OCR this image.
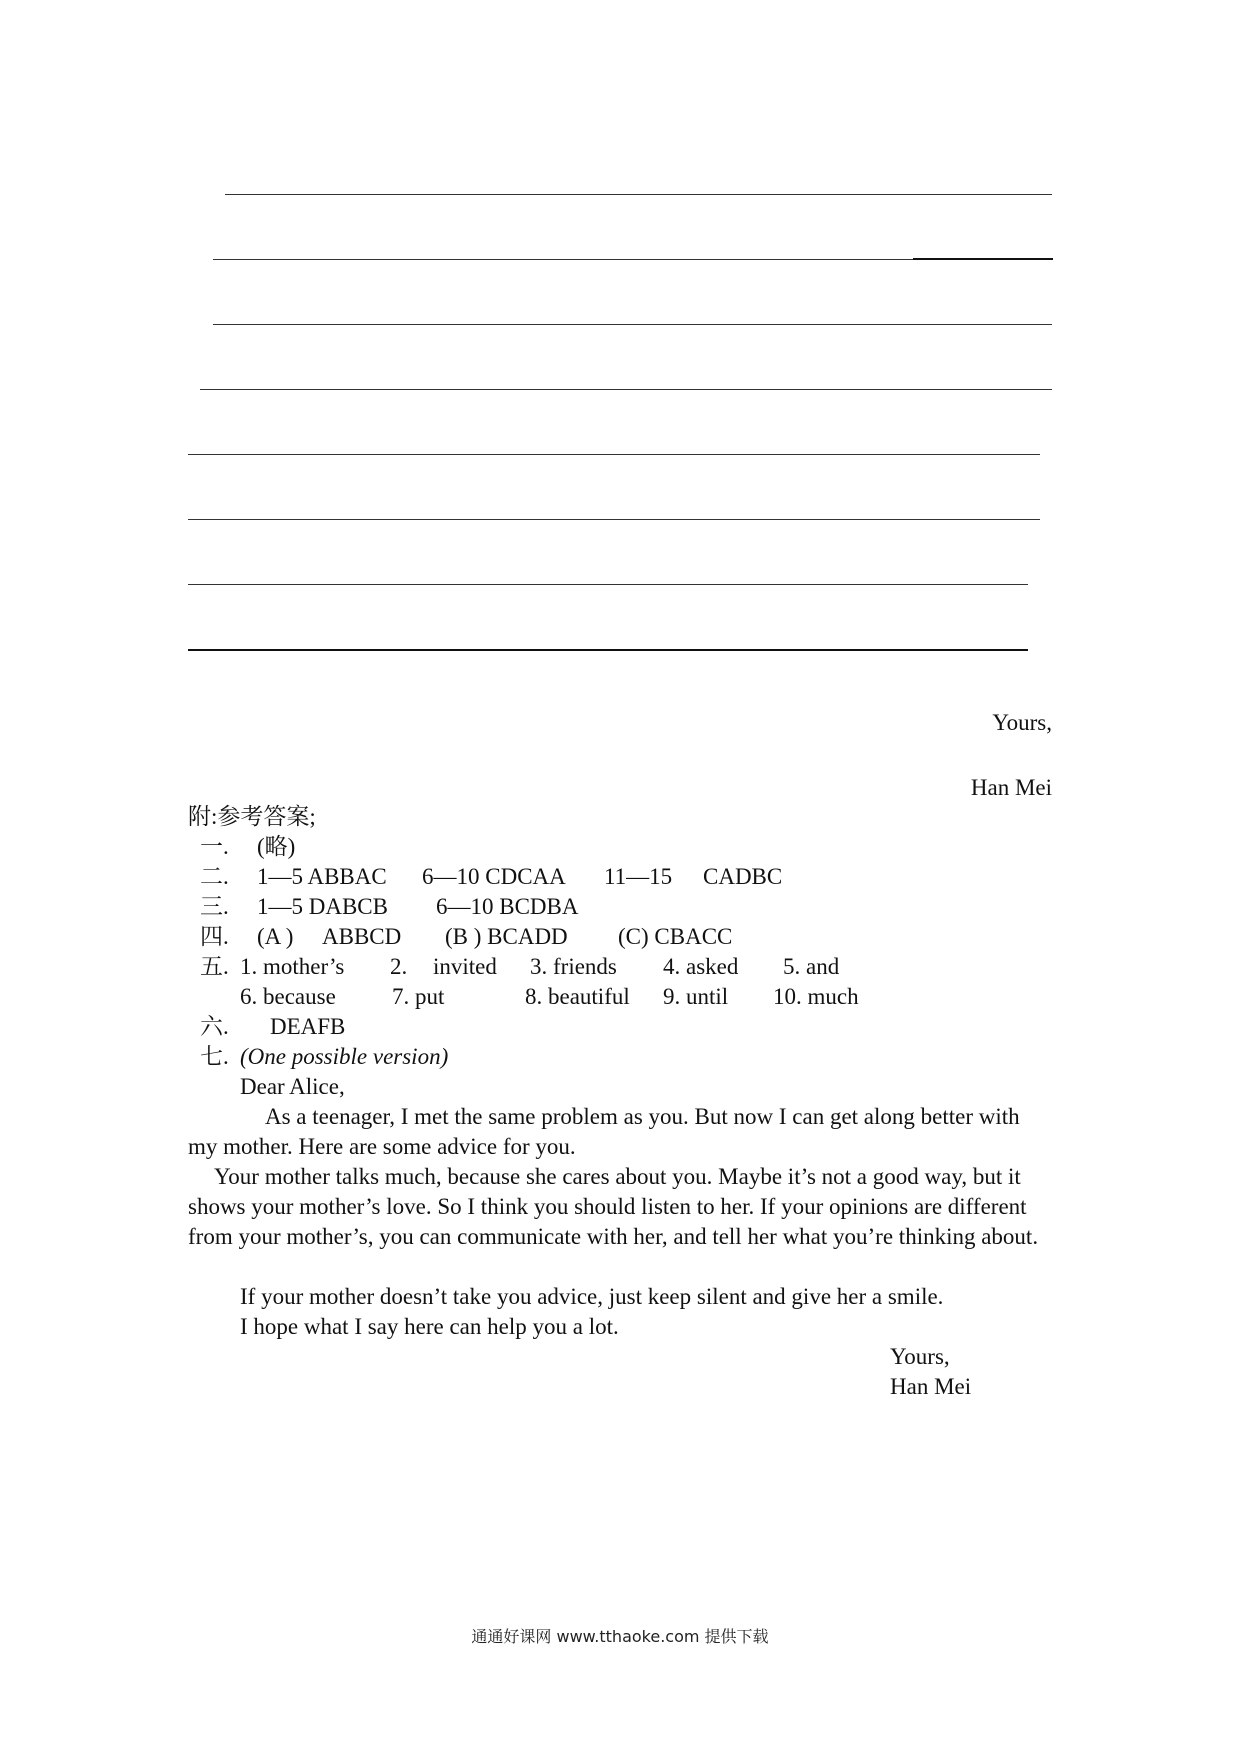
Yours,
Han Mei
附:参考答案;
一. (略)
二. 1—5 ABBAC 6—10 CDCAA 11—15 CADBC
三. 1—5 DABCB 6—10 BCDBA
四. (A ) ABBCD (B ) BCADD (C) CBACC
五. 1. mother’s 2. invited 3. friends 4. asked 5. and
6. because 7. put	8. beautiful 9. until 10. much
六. DEAFB
七. (One possible version)
Dear Alice,
As a teenager, I met the same problem as you. But now I can get along better with my mother. Here are some advice for you.
Your mother talks much, because she cares about you. Maybe it’s not a good way, but it shows your mother’s love. So I think you should listen to her. If your opinions are different from your mother’s, you can communicate with her, and tell her what you’re thinking about.
If your mother doesn’t take you advice, just keep silent and give her a smile.
I hope what I say here can help you a lot.
Yours,
Han Mei
通通好课网 www.tthaoke.com 提供下载
